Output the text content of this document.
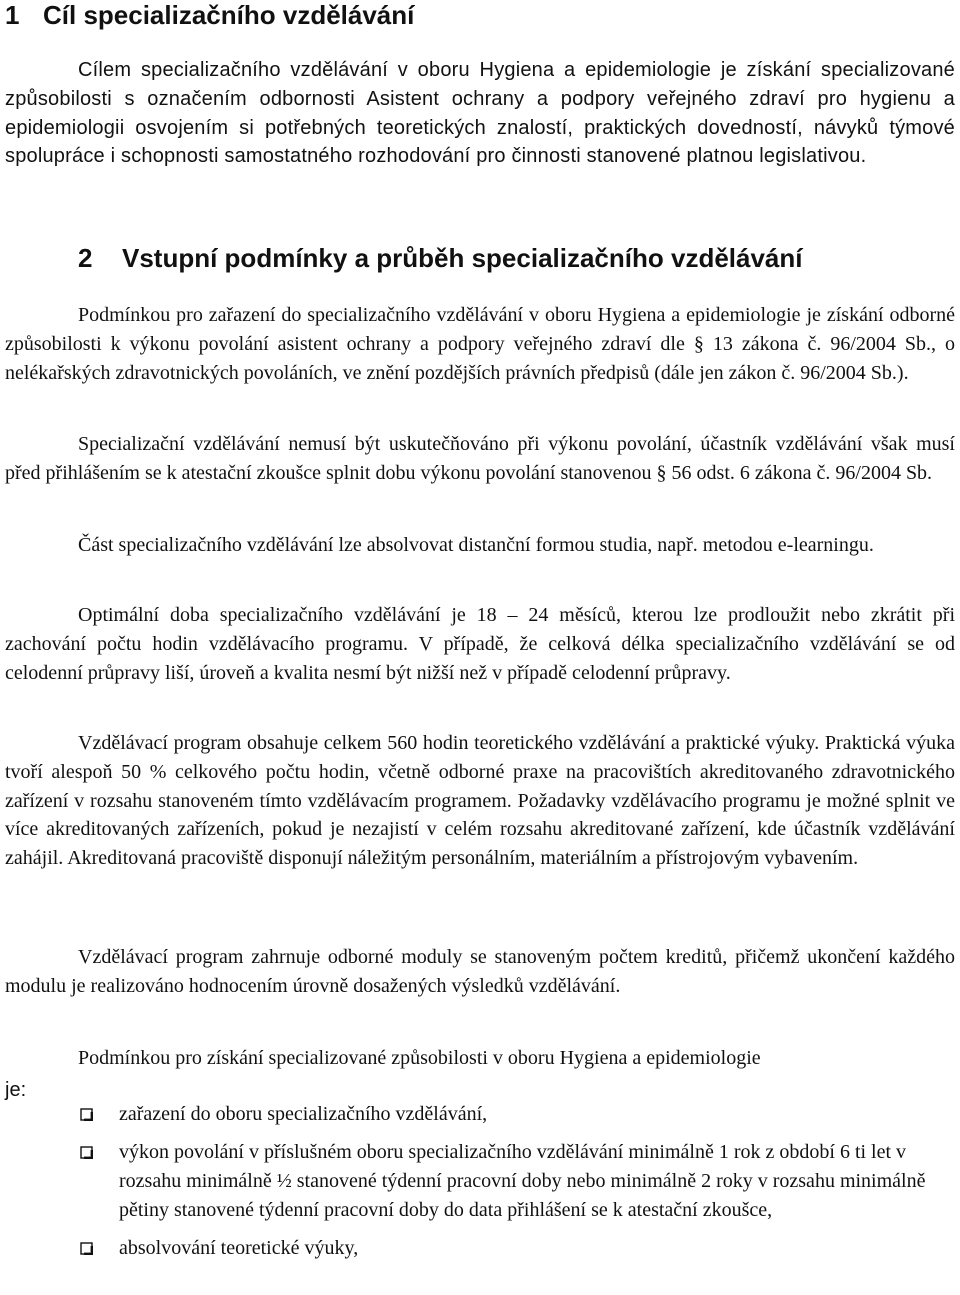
1 Cíl specializačního vzdělávání

Cílem specializačního vzdělávání v oboru Hygiena a epidemiologie je získání specializované způsobilosti s označením odbornosti Asistent ochrany a podpory veřejného zdraví pro hygienu a epidemiologii osvojením si potřebných teoretických znalostí, praktických dovedností, návyků týmové spolupráce i schopnosti samostatného rozhodování pro činnosti stanovené platnou legislativou.

2 Vstupní podmínky a průběh specializačního vzdělávání

Podmínkou pro zařazení do specializačního vzdělávání v oboru Hygiena a epidemiologie je získání odborné způsobilosti k výkonu povolání asistent ochrany a podpory veřejného zdraví dle § 13 zákona č. 96/2004 Sb., o nelékařských zdravotnických povoláních, ve znění pozdějších právních předpisů (dále jen zákon č. 96/2004 Sb.).

Specializační vzdělávání nemusí být uskutečňováno při výkonu povolání, účastník vzdělávání však musí před přihlášením se k atestační zkoušce splnit dobu výkonu povolání stanovenou § 56 odst. 6 zákona č. 96/2004 Sb.

Část specializačního vzdělávání lze absolvovat distanční formou studia, např. metodou e-learningu.

Optimální doba specializačního vzdělávání je 18 – 24 měsíců, kterou lze prodloužit nebo zkrátit při zachování počtu hodin vzdělávacího programu. V případě, že celková délka specializačního vzdělávání se od celodenní průpravy liší, úroveň a kvalita nesmí být nižší než v případě celodenní průpravy.

Vzdělávací program obsahuje celkem 560 hodin teoretického vzdělávání a praktické výuky. Praktická výuka tvoří alespoň 50 % celkového počtu hodin, včetně odborné praxe na pracovištích akreditovaného zdravotnického zařízení v rozsahu stanoveném tímto vzdělávacím programem. Požadavky vzdělávacího programu je možné splnit ve více akreditovaných zařízeních, pokud je nezajistí v celém rozsahu akreditované zařízení, kde účastník vzdělávání zahájil. Akreditovaná pracoviště disponují náležitým personálním, materiálním a přístrojovým vybavením.

Vzdělávací program zahrnuje odborné moduly se stanoveným počtem kreditů, přičemž ukončení každého modulu je realizováno hodnocením úrovně dosažených výsledků vzdělávání.

Podmínkou pro získání specializované způsobilosti v oboru Hygiena a epidemiologie

je:

zařazení do oboru specializačního vzdělávání,
výkon povolání v příslušném oboru specializačního vzdělávání minimálně 1 rok z období 6 ti let v rozsahu minimálně ½ stanovené týdenní pracovní doby nebo minimálně 2 roky v rozsahu minimálně pětiny stanovené týdenní pracovní doby do data přihlášení se k atestační zkoušce,
absolvování teoretické výuky,
